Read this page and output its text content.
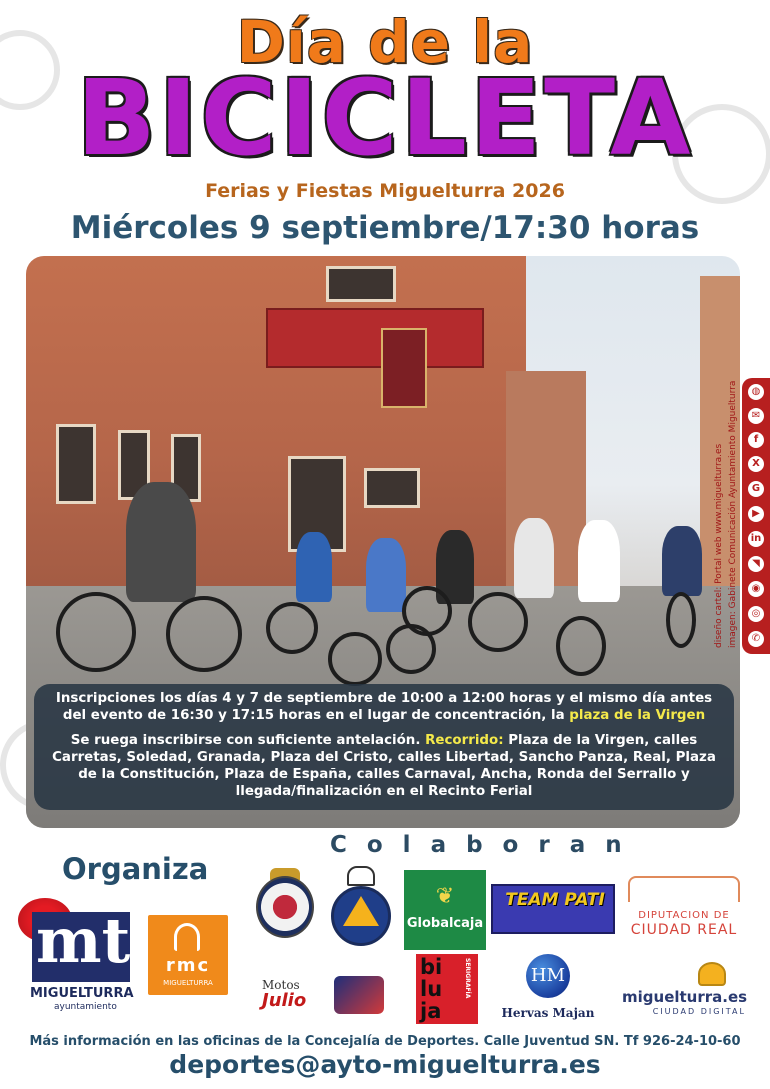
Día de la
BICICLETA
Ferias y Fiestas Miguelturra 2026
Miércoles 9 septiembre/17:30 horas

Inscripciones los días 4 y 7 de septiembre de 10:00 a 12:00 horas y el mismo día antes del evento de 16:30 y 17:15 horas en el lugar de concentración, la plaza de la Virgen

Se ruega inscribirse con suficiente antelación. Recorrido: Plaza de la Virgen, calles Carretas, Soledad, Granada, Plaza del Cristo, calles Libertad, Sancho Panza, Real, Plaza de la Constitución, Plaza de España, calles Carnaval, Ancha, Ronda del Serrallo y llegada/finalización en el Recinto Ferial

◍
✉
f
X
G
▶
in
◥
◉
◎
✆
diseño cartel: Portal web www.miguelturra.es imagen: Gabinete Comunicación Ayuntamiento Miguelturra
Colaboran
Organiza
mt
MIGUELTURRA
ayuntamiento
rmc
MIGUELTURRA
❦
Globalcaja
TEAM PATI
DIPUTACION DE
CIUDAD REAL
Motos
Julio
bi lu ja
SERIGRAFÍA	HM
Hervas Majan
miguelturra.es
CIUDAD DIGITAL
Más información en las oficinas de la Concejalía de Deportes. Calle Juventud SN. Tf 926-24-10-60
deportes@ayto-miguelturra.es
